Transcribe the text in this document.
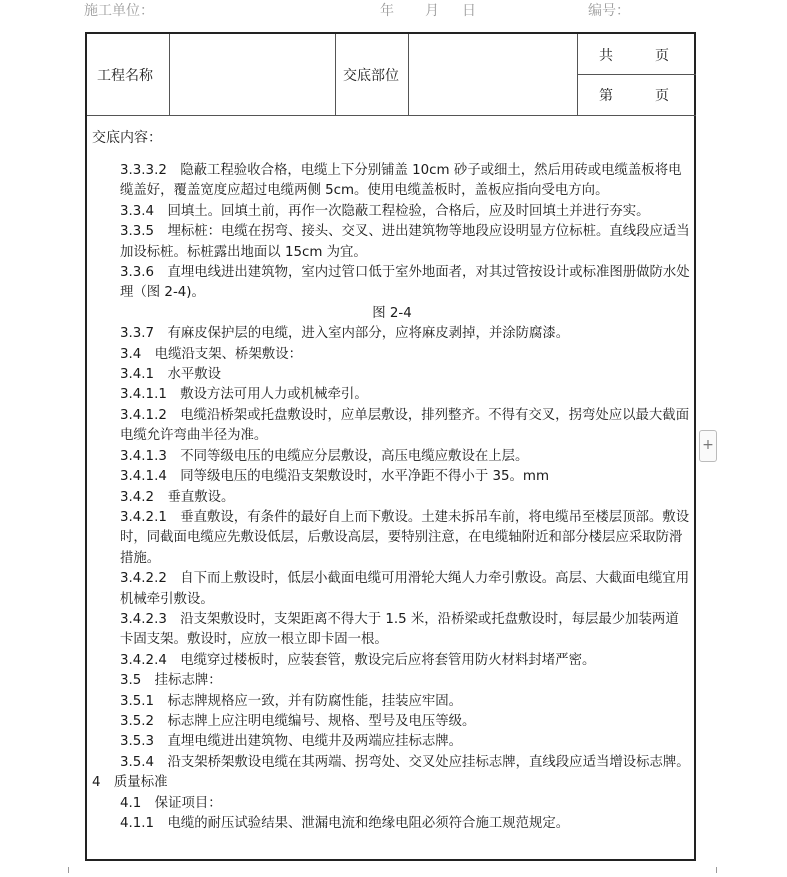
施工单位：	年 月 日	编号：
工程名称	交底部位
共　　　页
第　　　页
交底内容：

3.3.3.2　隐蔽工程验收合格，电缆上下分别铺盖 10cm 砂子或细土，然后用砖或电缆盖板将电缆盖好，覆盖宽度应超过电缆两侧 5cm。使用电缆盖板时，盖板应指向受电方向。

3.3.4　回填土。回填土前，再作一次隐蔽工程检验，合格后，应及时回填土并进行夯实。

3.3.5　埋标桩：电缆在拐弯、接头、交叉、进出建筑物等地段应设明显方位标桩。直线段应适当加设标桩。标桩露出地面以 15cm 为宜。

3.3.6　直埋电线进出建筑物，室内过管口低于室外地面者，对其过管按设计或标准图册做防水处理（图 2-4)。

图 2-4

3.3.7　有麻皮保护层的电缆，进入室内部分，应将麻皮剥掉，并涂防腐漆。

3.4　电缆沿支架、桥架敷设：

3.4.1　水平敷设

3.4.1.1　敷设方法可用人力或机械牵引。

3.4.1.2　电缆沿桥架或托盘敷设时，应单层敷设，排列整齐。不得有交叉，拐弯处应以最大截面电缆允许弯曲半径为准。

3.4.1.3　不同等级电压的电缆应分层敷设，高压电缆应敷设在上层。

3.4.1.4　同等级电压的电缆沿支架敷设时，水平净距不得小于 35。mm

3.4.2　垂直敷设。

3.4.2.1　垂直敷设，有条件的最好自上而下敷设。土建未拆吊车前，将电缆吊至楼层顶部。敷设时，同截面电缆应先敷设低层，后敷设高层，要特别注意，在电缆轴附近和部分楼层应采取防滑措施。

3.4.2.2　自下而上敷设时，低层小截面电缆可用滑轮大绳人力牵引敷设。高层、大截面电缆宜用机械牵引敷设。

3.4.2.3　沿支架敷设时，支架距离不得大于 1.5 米，沿桥梁或托盘敷设时，每层最少加装两道卡固支架。敷设时，应放一根立即卡固一根。

3.4.2.4　电缆穿过楼板时，应装套管，敷设完后应将套管用防火材料封堵严密。

3.5　挂标志牌：

3.5.1　标志牌规格应一致，并有防腐性能，挂装应牢固。

3.5.2　标志牌上应注明电缆编号、规格、型号及电压等级。

3.5.3　直埋电缆进出建筑物、电缆井及两端应挂标志牌。

3.5.4　沿支架桥架敷设电缆在其两端、拐弯处、交叉处应挂标志牌，直线段应适当增设标志牌。

4　质量标准

4.1　保证项目：

4.1.1　电缆的耐压试验结果、泄漏电流和绝缘电阻必须符合施工规范规定。

+
